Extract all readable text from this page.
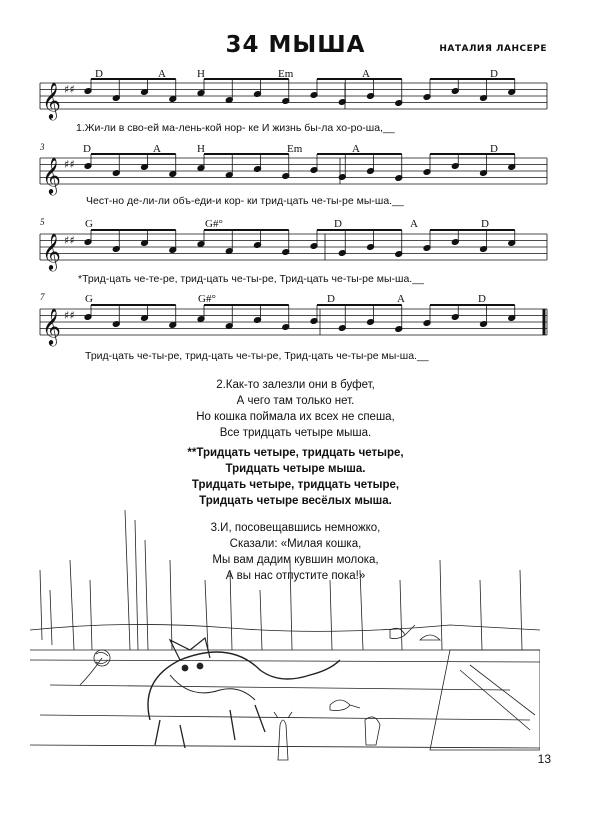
34 МЫША	НАТАЛИЯ ЛАНСЕРЕ
D	A	H	Em	A	D
1.Жи-ли в сво-ей ма-лень-кой нор- ке И жизнь бы-ла хо-ро-ша,__
3	D	A	H	Em	A	D
Чест-но де-ли-ли объ-еди-и кор- ки трид-цать че-ты-ре мы-ша.__
5	G	G#°	D	A	D
*Трид-цать че-те-ре, трид-цать че-ты-ре, Трид-цать че-ты-ре мы-ша.__
7	G	G#°	D	A	D
Трид-цать че-ты-ре, трид-цать че-ты-ре, Трид-цать че-ты-ре мы-ша.__
𝄞 ♯♯
𝄞 ♯♯
𝄞 ♯♯
𝄞 ♯♯
2.Как-то залезли они в буфет,
А чего там только нет.
Но кошка поймала их всех не спеша,
Все тридцать четыре мыша.
**Тридцать четыре, тридцать четыре,
Тридцать четыре мыша.
Тридцать четыре, тридцать четыре,
Тридцать четыре весёлых мыша.
3.И, посовещавшись немножко,
Сказали: «Милая кошка,
Мы вам дадим кувшин молока,
А вы нас отпустите пока!»
13
